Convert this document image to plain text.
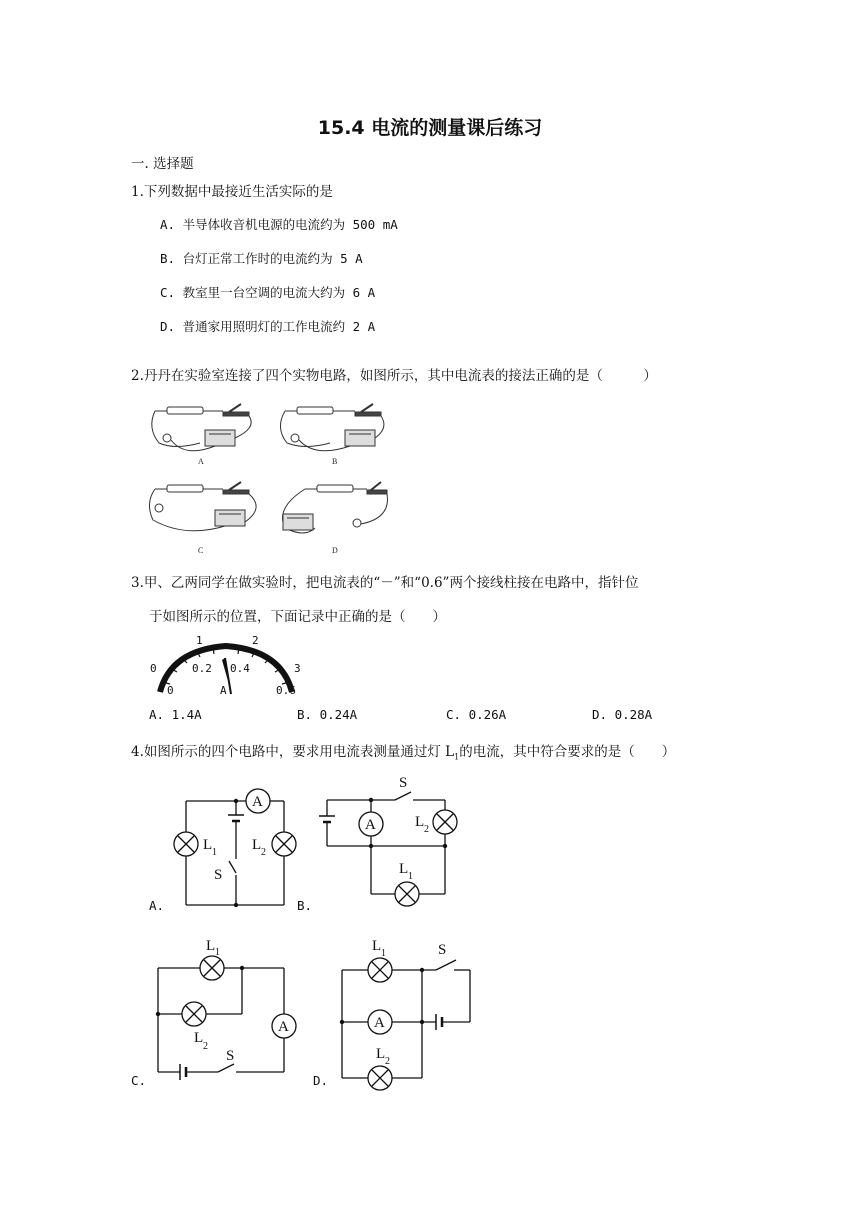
15.4 电流的测量课后练习
一. 选择题
1.下列数据中最接近生活实际的是
A. 半导体收音机电源的电流约为 500 mA
B. 台灯正常工作时的电流约为 5 A
C. 教室里一台空调的电流大约为 6 A
D. 普通家用照明灯的工作电流约 2 A
2.丹丹在实验室连接了四个实物电路，如图所示，其中电流表的接法正确的是（　　　）
A	B
C	D
3.甲、乙两同学在做实验时，把电流表的“－”和“0.6”两个接线柱接在电路中，指针位
于如图所示的位置，下面记录中正确的是（　　）
0
1	2
3
0
0.2 0.4
0.6
A
A. 1.4A	B. 0.24A	C. 0.26A	D. 0.28A
4.如图所示的四个电路中，要求用电流表测量通过灯 $L_1$的电流，其中符合要求的是（　　）
A.	B.
C.	D.
A
L 1 L 2
S
A
S
L 2
L 1
L 1
L
2
A
S
L 1	S
A
L 2
